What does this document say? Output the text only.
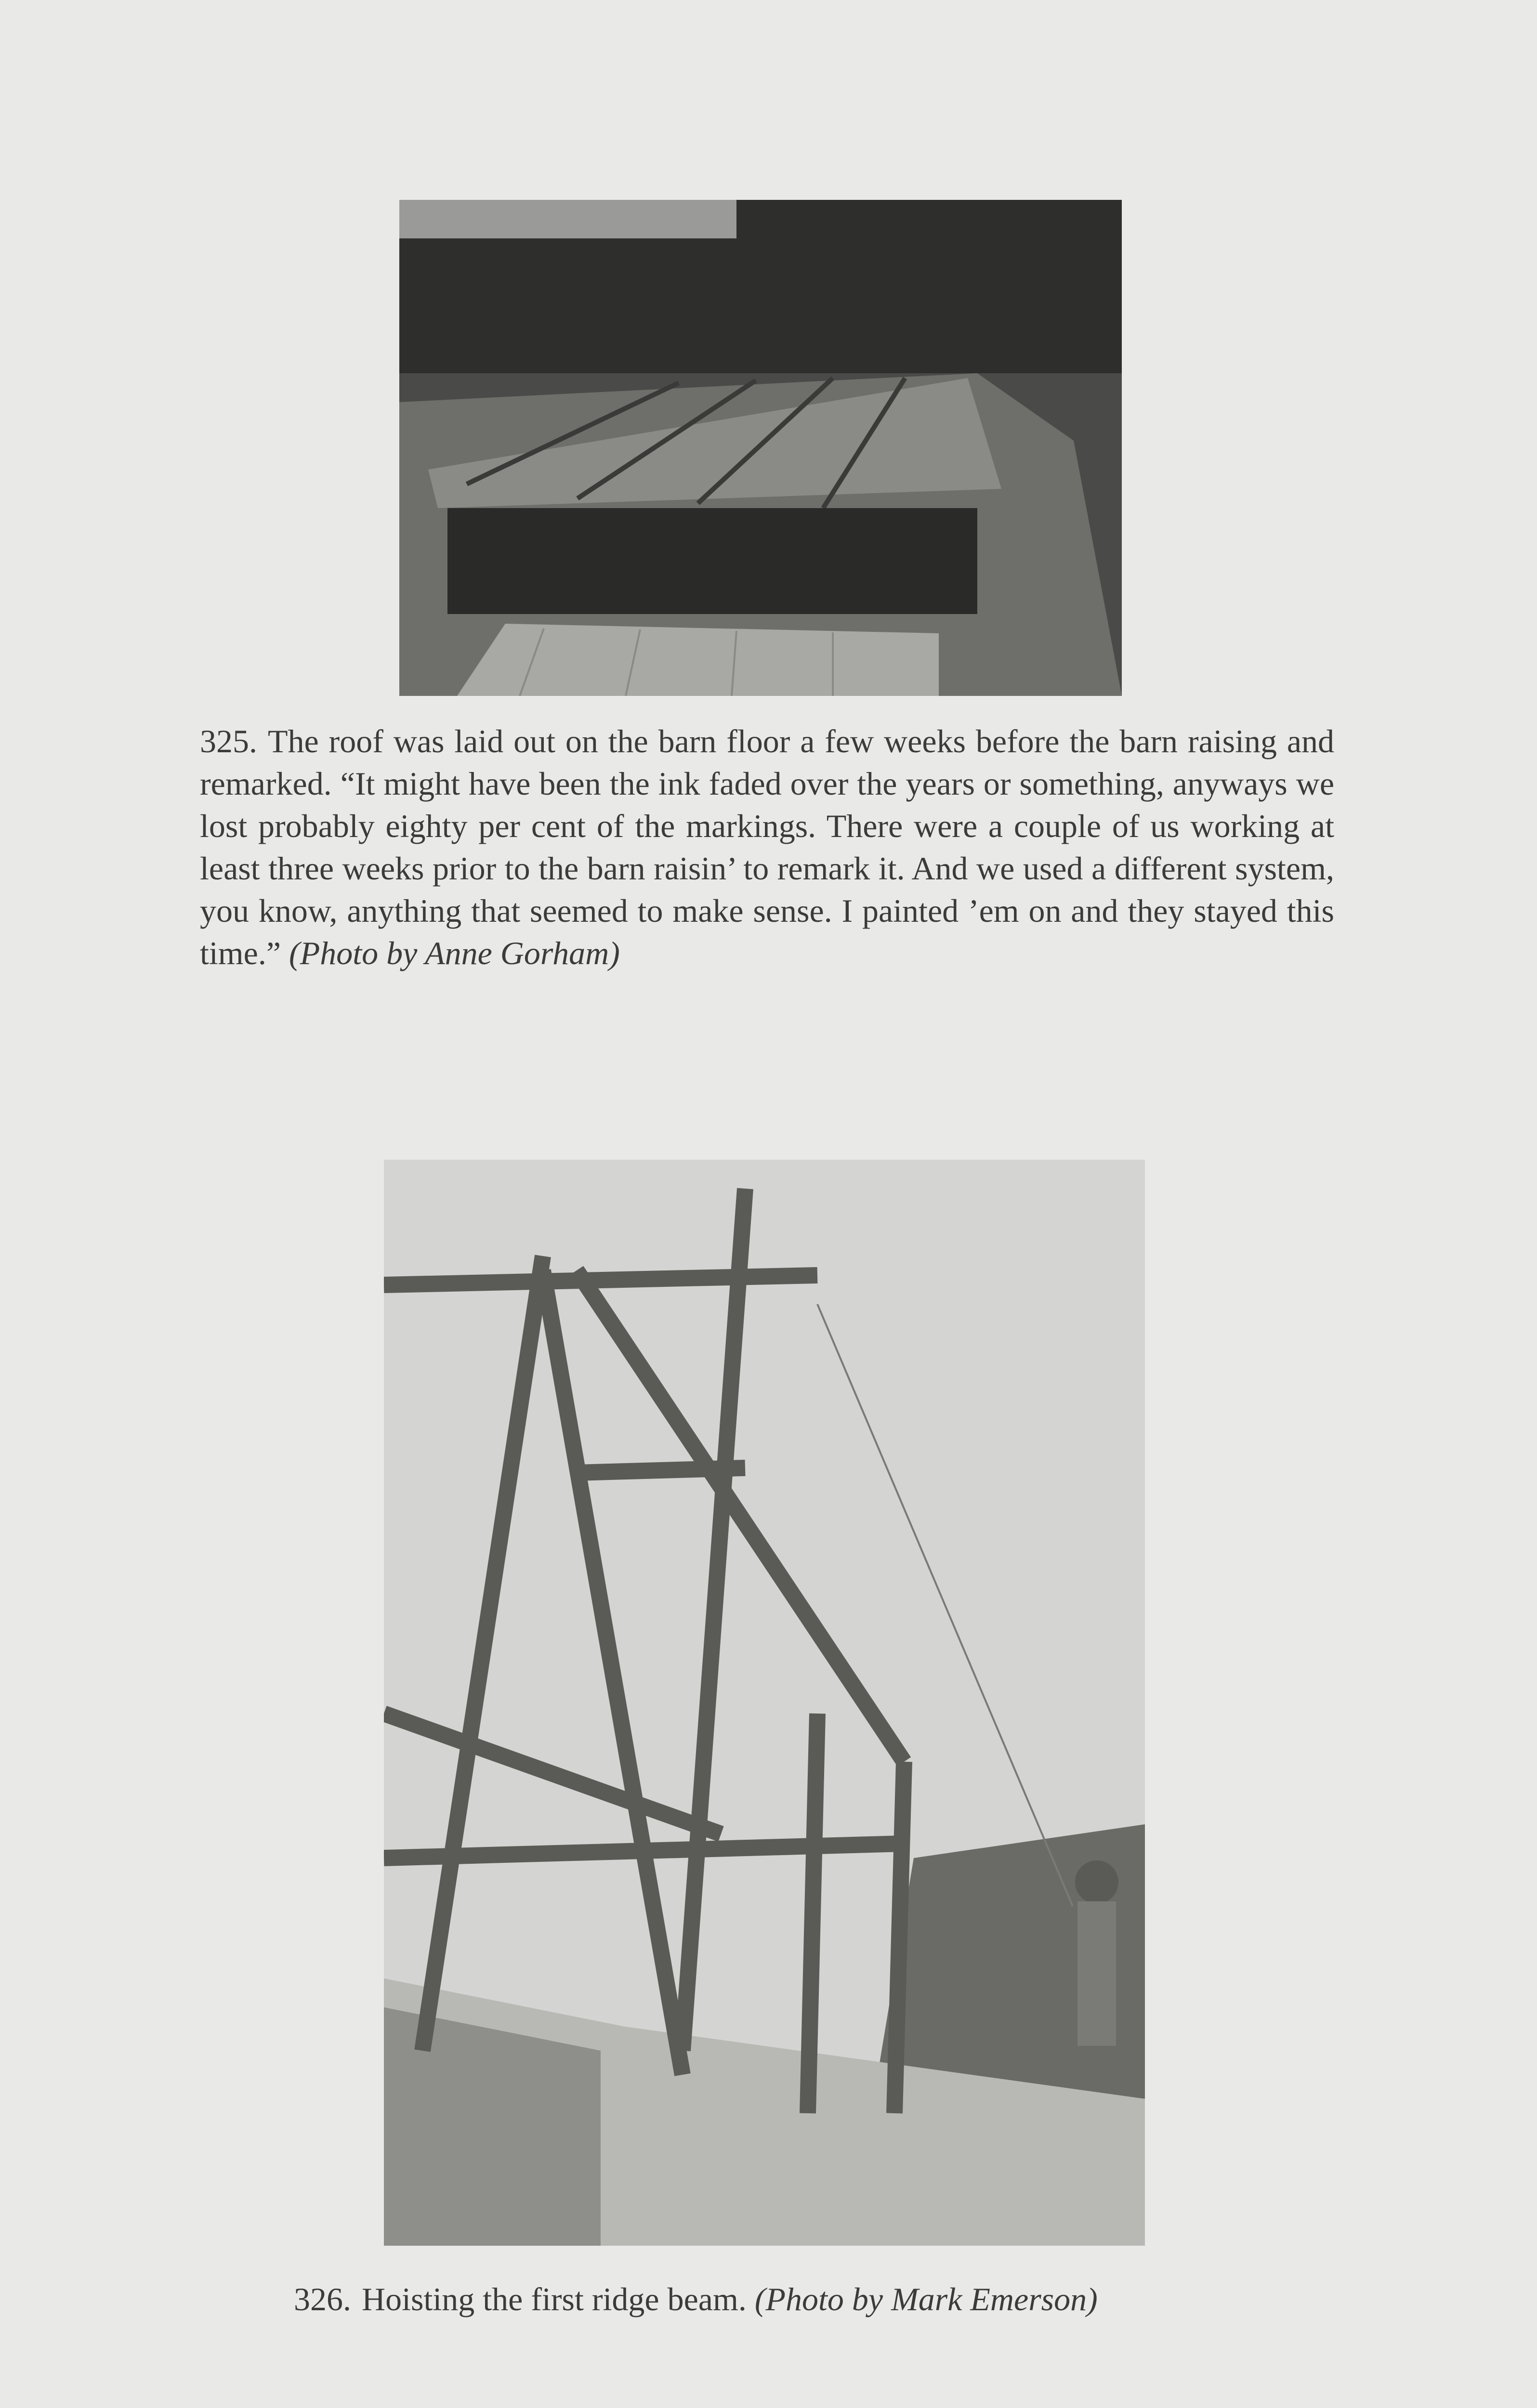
325. The roof was laid out on the barn floor a few weeks before the barn raising and remarked. “It might have been the ink faded over the years or something, anyways we lost probably eighty per cent of the markings. There were a couple of us working at least three weeks prior to the barn raisin’ to remark it. And we used a different system, you know, anything that seemed to make sense. I painted ’em on and they stayed this time.” (Photo by Anne Gorham)
326. Hoisting the first ridge beam. (Photo by Mark Emerson)
